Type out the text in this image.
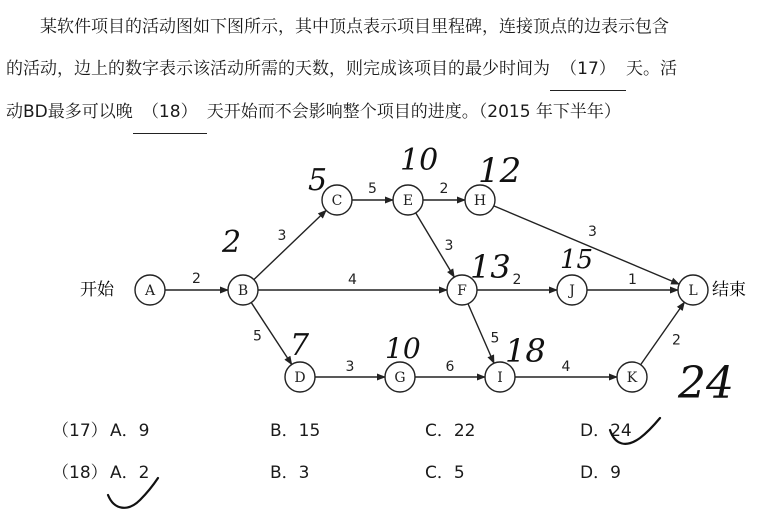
某软件项目的活动图如下图所示，其中顶点表示项目里程碑，连接顶点的边表示包含
的活动，边上的数字表示该活动所需的天数，则完成该项目的最少时间为 （17） 天。活
动BD最多可以晚 （18） 天开始而不会影响整个项目的进度。（2015 年下半年）
2
3
4
5
5	2
3
3
2	1
5
3	6	4
2
A	B
C
D
E
F
G
H
I
J
K
L
2
5
10 12
13 15
7	10	18
24
开始	结束
（17） A．9	B．15	C．22	D．24
（18） A．2	B．3	C．5	D．9
